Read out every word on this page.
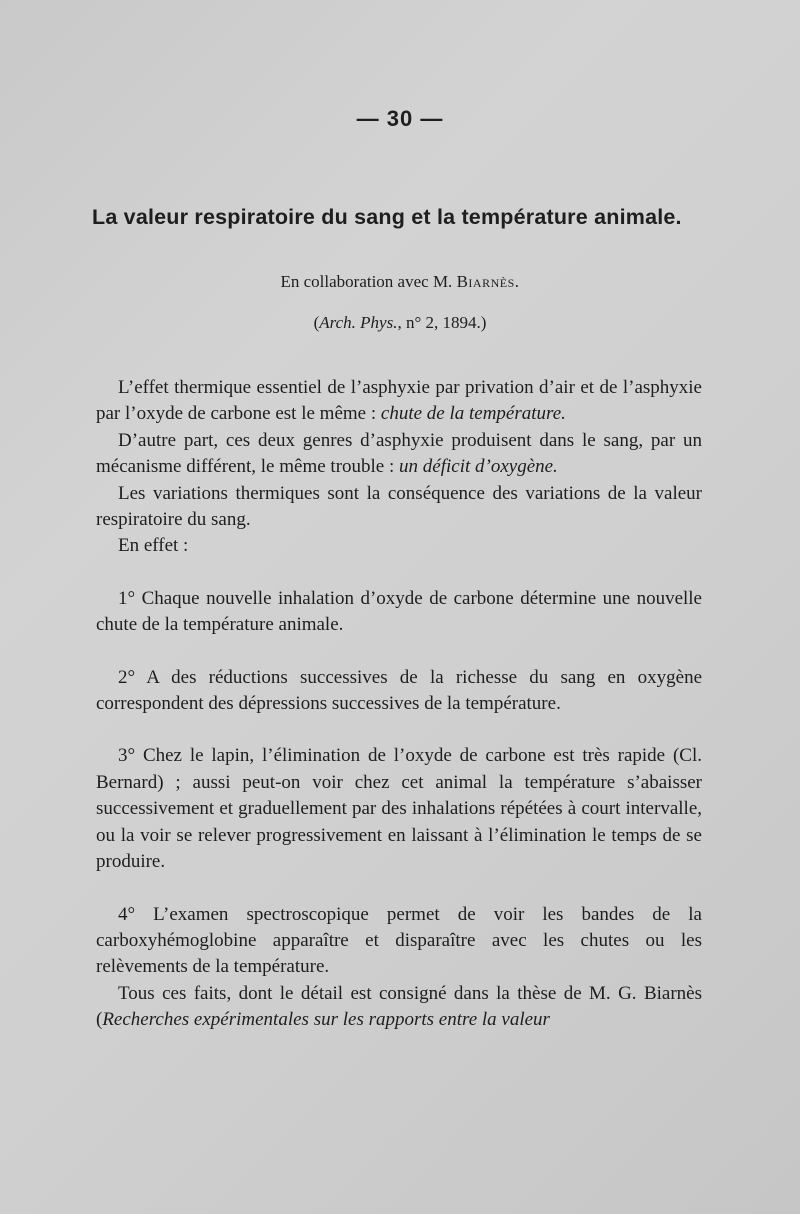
— 30 —
La valeur respiratoire du sang et la température animale.
En collaboration avec M. Biarnès.
(Arch. Phys., n° 2, 1894.)

L’effet thermique essentiel de l’asphyxie par privation d’air et de l’asphyxie par l’oxyde de carbone est le même : chute de la température.

D’autre part, ces deux genres d’asphyxie produisent dans le sang, par un mécanisme différent, le même trouble : un déficit d’oxygène.

Les variations thermiques sont la conséquence des variations de la valeur respiratoire du sang.

En effet :

1° Chaque nouvelle inhalation d’oxyde de carbone détermine une nouvelle chute de la température animale.

2° A des réductions successives de la richesse du sang en oxygène correspondent des dépressions successives de la température.

3° Chez le lapin, l’élimination de l’oxyde de carbone est très rapide (Cl. Bernard) ; aussi peut-on voir chez cet animal la température s’abaisser successivement et graduellement par des inhalations répétées à court intervalle, ou la voir se relever progressivement en laissant à l’élimination le temps de se produire.

4° L’examen spectroscopique permet de voir les bandes de la carboxyhémoglobine apparaître et disparaître avec les chutes ou les relèvements de la température.

Tous ces faits, dont le détail est consigné dans la thèse de M. G. Biarnès (Recherches expérimentales sur les rapports entre la valeur
